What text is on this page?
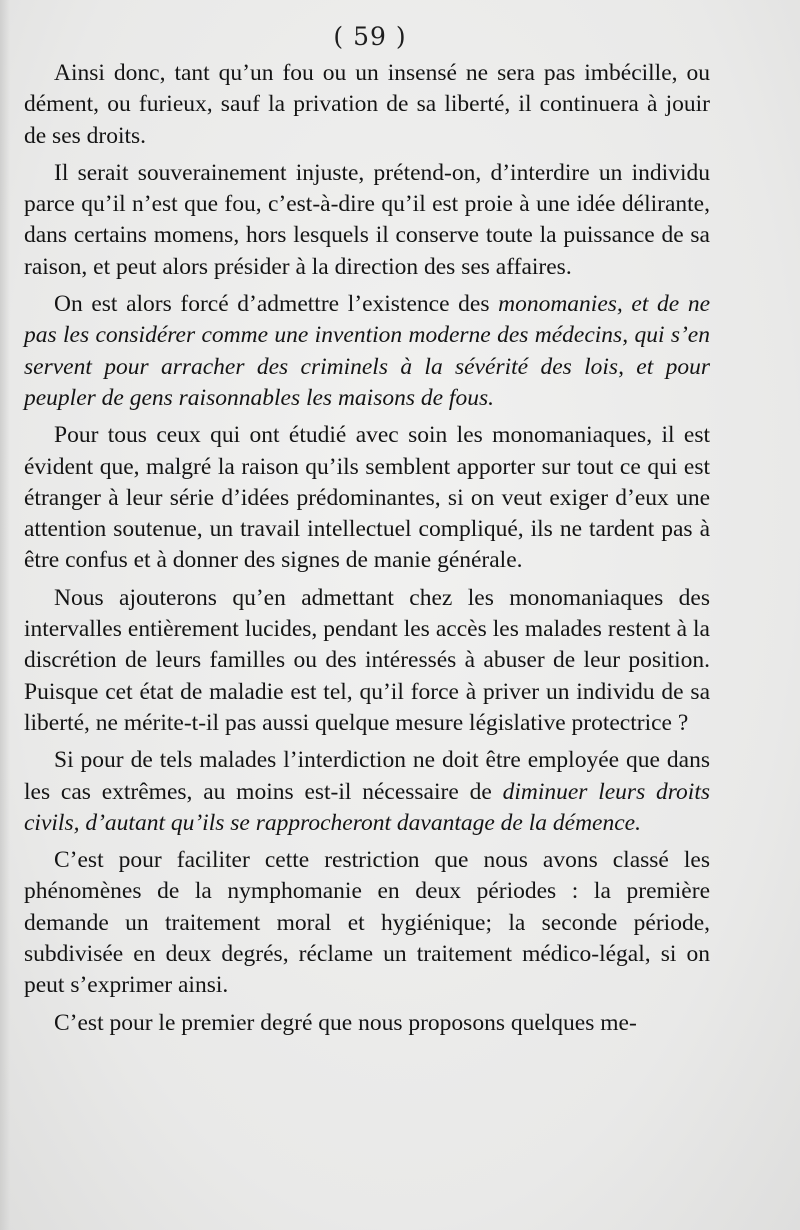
( 59 )

Ainsi donc, tant qu’un fou ou un insensé ne sera pas imbécille, ou dément, ou furieux, sauf la privation de sa liberté, il continuera à jouir de ses droits.

Il serait souverainement injuste, prétend-on, d’interdire un individu parce qu’il n’est que fou, c’est-à-dire qu’il est proie à une idée délirante, dans certains momens, hors lesquels il conserve toute la puissance de sa raison, et peut alors présider à la direction des ses affaires.

On est alors forcé d’admettre l’existence des monomanies, et de ne pas les considérer comme une invention moderne des médecins, qui s’en servent pour arracher des criminels à la sévérité des lois, et pour peupler de gens raisonnables les maisons de fous.

Pour tous ceux qui ont étudié avec soin les monomaniaques, il est évident que, malgré la raison qu’ils semblent apporter sur tout ce qui est étranger à leur série d’idées prédominantes, si on veut exiger d’eux une attention soutenue, un travail intellectuel compliqué, ils ne tardent pas à être confus et à donner des signes de manie générale.

Nous ajouterons qu’en admettant chez les monomaniaques des intervalles entièrement lucides, pendant les accès les malades restent à la discrétion de leurs familles ou des intéressés à abuser de leur position. Puisque cet état de maladie est tel, qu’il force à priver un individu de sa liberté, ne mérite-t-il pas aussi quelque mesure législative protectrice ?

Si pour de tels malades l’interdiction ne doit être employée que dans les cas extrêmes, au moins est-il nécessaire de diminuer leurs droits civils, d’autant qu’ils se rapprocheront davantage de la démence.

C’est pour faciliter cette restriction que nous avons classé les phénomènes de la nymphomanie en deux périodes : la première demande un traitement moral et hygiénique; la seconde période, subdivisée en deux degrés, réclame un traitement médico-légal, si on peut s’exprimer ainsi.

C’est pour le premier degré que nous proposons quelques me-
